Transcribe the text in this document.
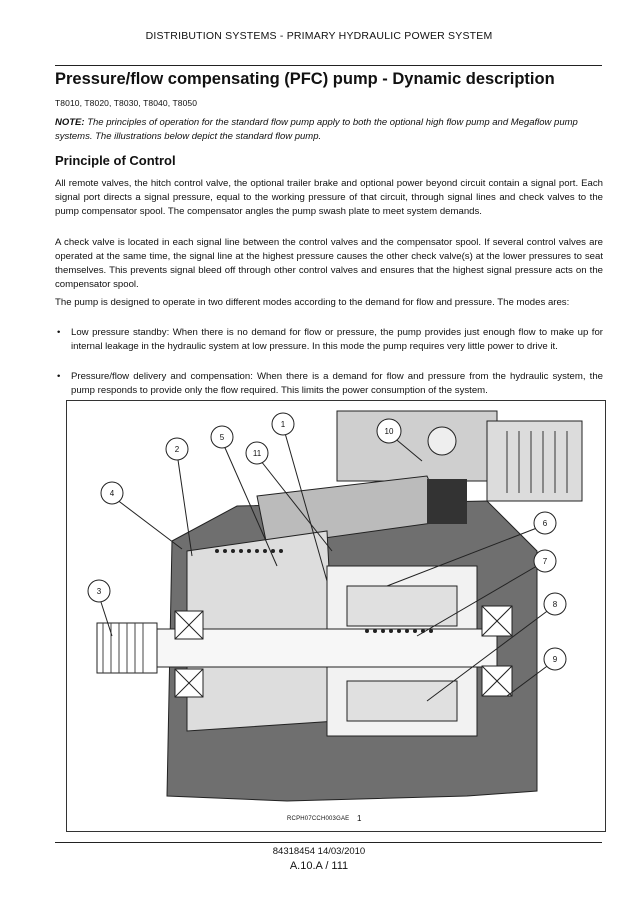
DISTRIBUTION SYSTEMS - PRIMARY HYDRAULIC POWER SYSTEM
Pressure/flow compensating (PFC) pump - Dynamic description
T8010, T8020, T8030, T8040, T8050
NOTE: The principles of operation for the standard flow pump apply to both the optional high flow pump and Megaflow pump systems. The illustrations below depict the standard flow pump.
Principle of Control
All remote valves, the hitch control valve, the optional trailer brake and optional power beyond circuit contain a signal port. Each signal port directs a signal pressure, equal to the working pressure of that circuit, through signal lines and check valves to the pump compensator spool. The compensator angles the pump swash plate to meet system demands.
A check valve is located in each signal line between the control valves and the compensator spool. If several control valves are operated at the same time, the signal line at the highest pressure causes the other check valve(s) at the lower pressures to seat themselves. This prevents signal bleed off through other control valves and ensures that the highest signal pressure acts on the compensator spool.
The pump is designed to operate in two different modes according to the demand for flow and pressure. The modes ares:
• Low pressure standby: When there is no demand for flow or pressure, the pump provides just enough flow to make up for internal leakage in the hydraulic system at low pressure. In this mode the pump requires very little power to drive it.
• Pressure/flow delivery and compensation: When there is a demand for flow and pressure from the hydraulic system, the pump responds to provide only the flow required. This limits the power consumption of the system.
1
2
3
4
5
6
7
8
9
10
11
RCPH07CCH003GAE 1
84318454 14/03/2010
A.10.A / 111
